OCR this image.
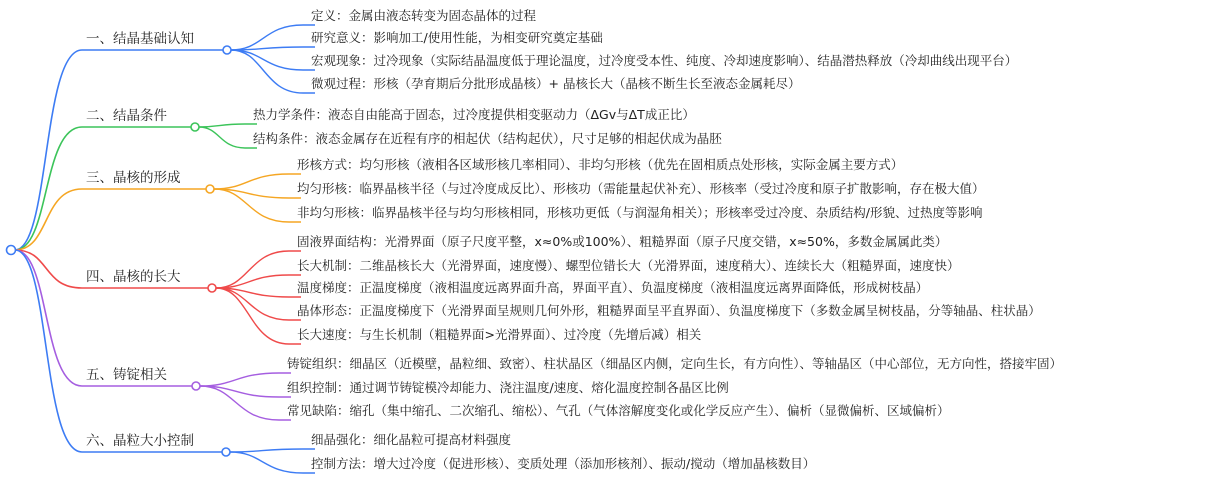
一、结晶基础认知
定义：金属由液态转变为固态晶体的过程
研究意义：影响加工/使用性能，为相变研究奠定基础
宏观现象：过冷现象（实际结晶温度低于理论温度，过冷度受本性、纯度、冷却速度影响）、结晶潜热释放（冷却曲线出现平台）
微观过程：形核（孕育期后分批形成晶核）+ 晶核长大（晶核不断生长至液态金属耗尽）
二、结晶条件	热力学条件：液态自由能高于固态，过冷度提供相变驱动力（ΔGv与ΔT成正比）
结构条件：液态金属存在近程有序的相起伏（结构起伏），尺寸足够的相起伏成为晶胚
三、晶核的形成
形核方式：均匀形核（液相各区域形核几率相同）、非均匀形核（优先在固相质点处形核，实际金属主要方式）
均匀形核：临界晶核半径（与过冷度成反比）、形核功（需能量起伏补充）、形核率（受过冷度和原子扩散影响，存在极大值）
非均匀形核：临界晶核半径与均匀形核相同，形核功更低（与润湿角相关）；形核率受过冷度、杂质结构/形貌、过热度等影响
四、晶核的长大
固液界面结构：光滑界面（原子尺度平整，x≈0%或100%）、粗糙界面（原子尺度交错，x≈50%，多数金属属此类）
长大机制：二维晶核长大（光滑界面，速度慢）、螺型位错长大（光滑界面，速度稍大）、连续长大（粗糙界面，速度快）
温度梯度：正温度梯度（液相温度远离界面升高，界面平直）、负温度梯度（液相温度远离界面降低，形成树枝晶）
晶体形态：正温度梯度下（光滑界面呈规则几何外形，粗糙界面呈平直界面）、负温度梯度下（多数金属呈树枝晶，分等轴晶、柱状晶）
长大速度：与生长机制（粗糙界面>光滑界面）、过冷度（先增后减）相关
五、铸锭相关
铸锭组织：细晶区（近模壁，晶粒细、致密）、柱状晶区（细晶区内侧，定向生长，有方向性）、等轴晶区（中心部位，无方向性，搭接牢固）
组织控制：通过调节铸锭模冷却能力、浇注温度/速度、熔化温度控制各晶区比例
常见缺陷：缩孔（集中缩孔、二次缩孔、缩松）、气孔（气体溶解度变化或化学反应产生）、偏析（显微偏析、区域偏析）
六、晶粒大小控制	细晶强化：细化晶粒可提高材料强度
控制方法：增大过冷度（促进形核）、变质处理（添加形核剂）、振动/搅动（增加晶核数目）
